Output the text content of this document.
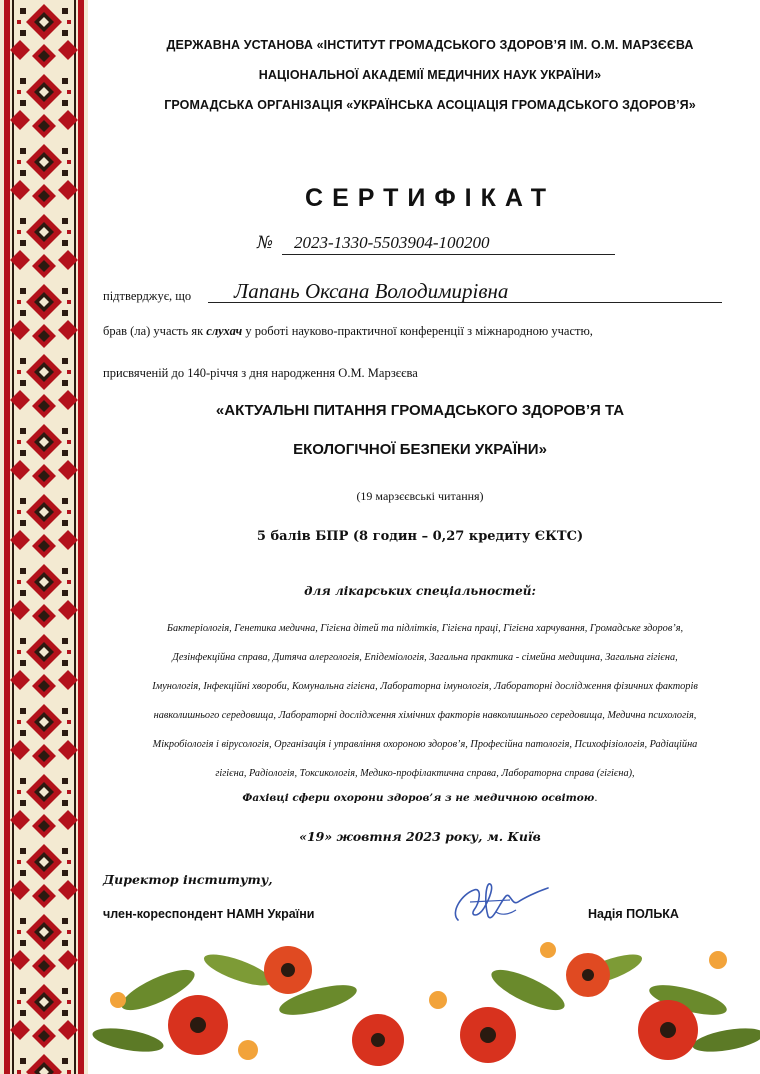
ДЕРЖАВНА УСТАНОВА «ІНСТИТУТ ГРОМАДСЬКОГО ЗДОРОВ’Я ІМ. О.М. МАРЗЄЄВА
НАЦІОНАЛЬНОЇ АКАДЕМІЇ МЕДИЧНИХ НАУК УКРАЇНИ»
ГРОМАДСЬКА ОРГАНІЗАЦІЯ «УКРАЇНСЬКА АСОЦІАЦІЯ ГРОМАДСЬКОГО ЗДОРОВ’Я»
СЕРТИФІКАТ
№ 2023-1330-5503904-100200
підтверджує, що Лапань Оксана Володимирівна
брав (ла) участь як слухач у роботі науково-практичної конференції з міжнародною участю,
присвяченій до 140-річчя з дня народження О.М. Марзєєва
«АКТУАЛЬНІ ПИТАННЯ ГРОМАДСЬКОГО ЗДОРОВ’Я ТА
ЕКОЛОГІЧНОЇ БЕЗПЕКИ УКРАЇНИ»
(19 марзєєвські читання)
5 балів БПР (8 годин – 0,27 кредиту ЄКТС)
для лікарських спеціальностей:
Бактеріологія, Генетика медична, Гігієна дітей та підлітків, Гігієна праці, Гігієна харчування, Громадське здоров’я,
Дезінфекційна справа, Дитяча алергологія, Епідеміологія, Загальна практика - сімейна медицина, Загальна гігієна,
Імунологія, Інфекційні хвороби, Комунальна гігієна, Лабораторна імунологія, Лабораторні дослідження фізичних факторів
навколишнього середовища, Лабораторні дослідження хімічних факторів навколишнього середовища, Медична психологія,
Мікробіологія і вірусологія, Організація і управління охороною здоров’я, Професійна патологія, Психофізіологія, Радіаційна
гігієна, Радіологія, Токсикологія, Медико-профілактична справа, Лабораторна справа (гігієна),
Фахівці сфери охорони здоров’я з не медичною освітою.
«19» жовтня 2023 року, м. Київ
Директор інституту,
член-кореспондент НАМН України	Надія ПОЛЬКА
